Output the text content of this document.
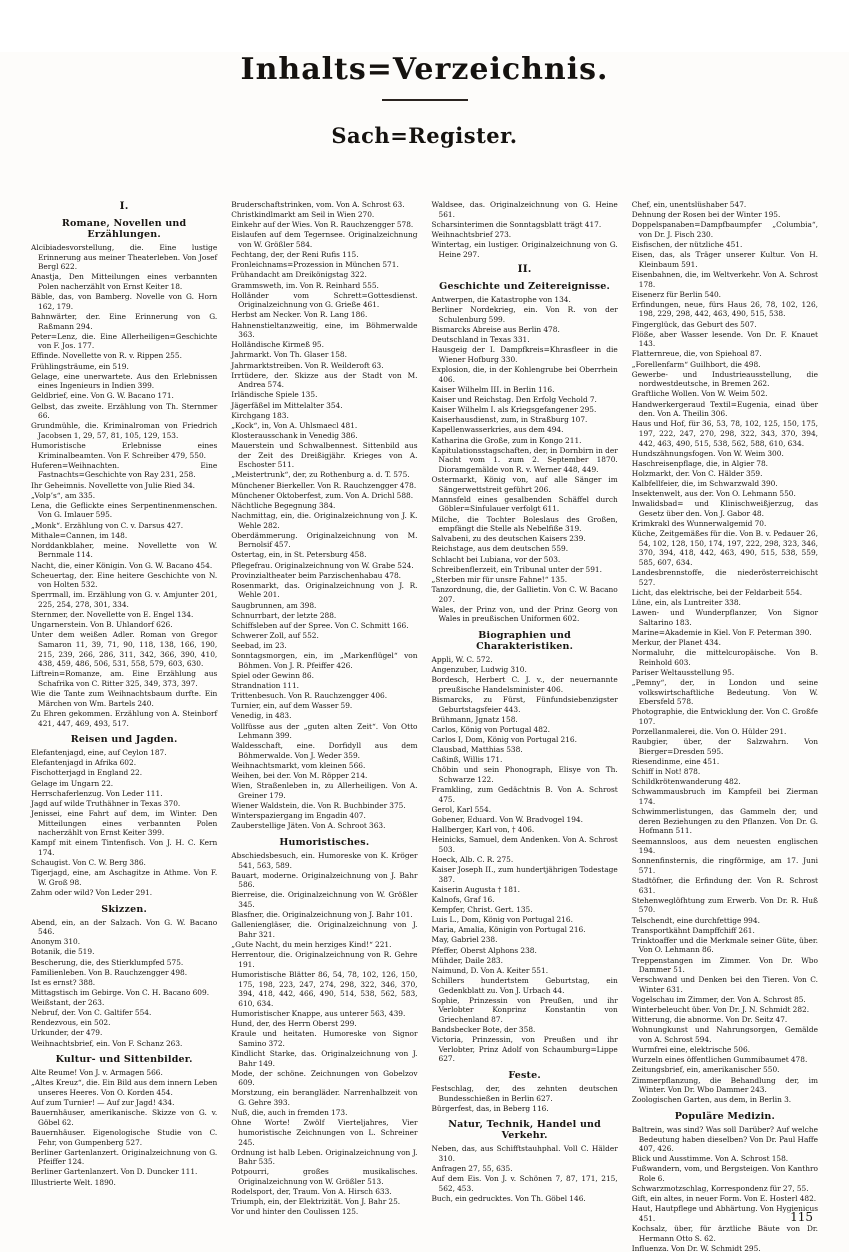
Inhalts=Verzeichnis.
Sach=Register.
I.
Romane, Novellen und Erzählungen.
Alcibiadesvorstellung, die. Eine lustige Erinnerung aus meiner Theaterleben. Von Josef Bergl 622.
Anastja, Den Mitteilungen eines verbannten Polen nacherzählt von Ernst Keiter 18.
Bäble, das, von Bamberg. Novelle von G. Horn 162, 179.
Bahnwärter, der. Eine Erinnerung von G. Raßmann 294.
Peter=Lenz, die. Eine Allerheiligen=Geschichte von F. Jos. 177.
Effinde. Novellette von R. v. Rippen 255.
Frühlingsträume, ein 519.
Gelage, eine unerwartete. Aus den Erlebnissen eines Ingenieurs in Indien 399.
Geldbrief, eine. Von G. W. Bacano 171.
Gelbst, das zweite. Erzählung von Th. Sternmer 66.
Grundmühle, die. Kriminalroman von Friedrich Jacobsen 1, 29, 57, 81, 105, 129, 153.
Humoristische Erlebnisse eines Kriminalbeamten. Von F. Schreiber 479, 550.
Huferen=Weihnachten. Eine Fastnachts=Geschichte von Ray 231, 258.
Ihr Geheimnis. Novellette von Julie Ried 34.
„Volp’s“, am 335.
Lena, die Geflickte eines Serpentinenmenschen. Von G. Imlauer 595.
„Monk“. Erzählung von C. v. Darsus 427.
Mithale=Cannen, im 148.
Norddankblaher, meine. Novellette von W. Bernmale 114.
Nacht, die, einer Königin. Von G. W. Bacano 454.
Scheuertag, der. Eine heitere Geschichte von N. von Holten 532.
Sperrmall, im. Erzählung von G. v. Amjunter 201, 225, 254, 278, 301, 334.
Sternmer, der. Novellette von E. Engel 134.
Ungarnerstein. Von B. Uhlandorf 626.
Unter dem weißen Adler. Roman von Gregor Samaron 11, 39, 71, 90, 118, 138, 166, 190, 215, 239, 266, 286, 311, 342, 366, 390, 410, 438, 459, 486, 506, 531, 558, 579, 603, 630.
Liftrein=Romanze, am. Eine Erzählung aus Schafrika von C. Ritter 325, 349, 373, 397.
Wie die Tante zum Weihnachtsbaum durfte. Ein Märchen von Wm. Bartels 240.
Zu Ehren gekommen. Erzählung von A. Steinborf 421, 447, 469, 493, 517.
Reisen und Jagden.
Elefantenjagd, eine, auf Ceylon 187.
Elefantenjagd in Afrika 602.
Fischotterjagd in England 22.
Gelage im Ungarn 22.
Herrschaferlenzug. Von Leder 111.
Jagd auf wilde Truthähner in Texas 370.
Jenissei, eine Fahrt auf dem, im Winter. Den Mitteilungen eines verbannten Polen nacherzählt von Ernst Keiter 399.
Kampf mit einem Tintenfisch. Von J. H. C. Kern 174.
Schaugist. Von C. W. Berg 386.
Tigerjagd, eine, am Aschagitze in Athme. Von F. W. Groß 98.
Zahm oder wild? Von Leder 291.
Skizzen.
Abend, ein, an der Salzach. Von G. W. Bacano 546.
Anonym 310.
Botanik, die 519.
Bescherung, die, des Stierklumpfed 575.
Familienleben. Von B. Rauchzengger 498.
Ist es ernst? 388.
Mittagstisch im Gebirge. Von C. H. Bacano 609.
Weißstant, der 263.
Nebruf, der. Von C. Galtifer 554.
Rendezvous, ein 502.
Urkunder, der 479.
Weihnachtsbrief, ein. Von F. Schanz 263.
Kultur- und Sittenbilder.
Alte Reume! Von J. v. Armagen 566.
„Altes Kreuz“, die. Ein Bild aus dem innern Leben unseres Heeres. Von O. Korden 454.
Auf zum Turnier! — Auf zur Jagd! 434.
Bauernhäuser, amerikanische. Skizze von G. v. Göbel 62.
Bauernhäuser. Eigenologische Studie von C. Fehr, von Gumpenberg 527.
Berliner Gartenlanzert. Originalzeichnung von G. Pfeiffer 124.
Berliner Gartenlanzert. Von D. Duncker 111.
Illustrierte Welt. 1890.
Bruderschaftstrinken, vom. Von A. Schrost 63.
Christkindlmarkt am Seil in Wien 270.
Einkehr auf der Wies. Von R. Rauchzengger 578.
Eislaufen auf dem Tegernsee. Originalzeichnung von W. Größler 584.
Fechtang, der, der Reni Rufis 115.
Fronleichnams=Prozession in München 571.
Frühandacht am Dreikönigstag 322.
Grammsweth, im. Von R. Reinhard 555.
Holländer vom Schrett=Gottesdienst. Originalzeichnung von G. Grieße 461.
Herbst am Necker. Von R. Lang 186.
Hahnenstieltanzweitig, eine, im Böhmerwalde 363.
Holländische Kirmeß 95.
Jahrmarkt. Von Th. Glaser 158.
Jahrmarktstreiben. Von R. Weilderoft 63.
Irrtüdere, der. Skizze aus der Stadt von M. Andrea 574.
Irländische Spiele 135.
Jägerfäßel im Mittelalter 354.
Kirchgang 183.
„Kock“, in, Von A. Uhlsmaecl 481.
Klosterausschank in Venedig 386.
Mauerstein und Schwalbennest. Sittenbild aus der Zeit des Dreißigjähr. Krieges von A. Eschoster 511.
„Meistertrunk“, der, zu Rothenburg a. d. T. 575.
Münchener Bierkeller. Von R. Rauchzengger 478.
Münchener Oktoberfest, zum. Von A. Drichl 588.
Nächtliche Begegnung 384.
Nachmittag, ein, die. Originalzeichnung von J. K. Wehle 282.
Oberdämmerung. Originalzeichnung von M. Bernolsif 457.
Ostertag, ein, in St. Petersburg 458.
Pflegefrau. Originalzeichnung von W. Grabe 524.
Provinzialtheater beim Parzischenhabau 478.
Rosenmarkt, das. Originalzeichnung von J. R. Wehle 201.
Saugbrunnen, am 398.
Schnurrbart, der letzte 288.
Schiffsleben auf der Spree. Von C. Schmitt 166.
Schwerer Zoll, auf 552.
Seebad, im 23.
Sonntagsmorgen, ein, im „Markenflügel“ von Böhmen. Von J. R. Pfeiffer 426.
Spiel oder Gewinn 86.
Strandnation 111.
Trittenbesuch. Von R. Rauchzengger 406.
Turnier, ein, auf dem Wasser 59.
Venedig, in 483.
Vollfüsse aus der „guten alten Zeit“. Von Otto Lehmann 399.
Waldesschaft, eine. Dorfidyll aus dem Böhmerwalde. Von J. Weder 359.
Weihnachtsmarkt, vom kleinen 566.
Weihen, bei der. Von M. Röpper 214.
Wien, Straßenleben in, zu Allerheiligen. Von A. Greiner 179.
Wiener Waldstein, die. Von R. Buchbinder 375.
Winterspaziergang im Engadin 407.
Zauberstellige Jäten. Von A. Schroot 363.
Humoristisches.
Abschiedsbesuch, ein. Humoreske von K. Kröger 541, 563, 589.
Bauart, moderne. Originalzeichnung von J. Bahr 586.
Bierreise, die. Originalzeichnung von W. Größler 345.
Blasfner, die. Originalzeichnung von J. Bahr 101.
Galleniengläser, die. Originalzeichnung von J. Bahr 321.
„Gute Nacht, du mein herziges Kind!“ 221.
Herrentour, die. Originalzeichnung von R. Gehre 191.
Humoristische Blätter 86, 54, 78, 102, 126, 150, 175, 198, 223, 247, 274, 298, 322, 346, 370, 394, 418, 442, 466, 490, 514, 538, 562, 583, 610, 634.
Humoristischer Knappe, aus unterer 563, 439.
Hund, der, des Herrn Oberst 299.
Kraule und heitaten. Humoreske von Signor Samino 372.
Kindlicht Starke, das. Originalzeichnung von J. Bahr 149.
Mode, der schöne. Zeichnungen von Gobelzov 609.
Morstzung, ein berangläder. Narrenhalbzeit von G. Gehre 393.
Nuß, die, auch in fremden 173.
Ohne Worte! Zwölf Vierteljahres, Vier humoristische Zeichnungen von L. Schreiner 245.
Ordnung ist halb Leben. Originalzeichnung von J. Bahr 535.
Potpourri, großes musikalisches. Originalzeichnung von W. Größler 513.
Rodelsport, der, Traum. Von A. Hirsch 633.
Triumph, ein, der Elektrizität. Von J. Bahr 25.
Vor und hinter den Coulissen 125.
Waldsee, das. Originalzeichnung von G. Heine 561.
Scharsinterimen die Sonntagsblatt trägt 417.
Weihnachtsbrief 273.
Wintertag, ein lustiger. Originalzeichnung von G. Heine 297.
II.
Geschichte und Zeitereignisse.
Antwerpen, die Katastrophe von 134.
Berliner Nordekrieg, ein. Von R. von der Schulenburg 599.
Bismarcks Abreise aus Berlin 478.
Deutschland in Texas 331.
Hausgeig der I. Dampfkreis=Khrasfleer in die Wiener Hofburg 330.
Explosion, die, in der Kohlengrube bei Oberrhein 406.
Kaiser Wilhelm III. in Berlin 116.
Kaiser und Reichstag. Den Erfolg Vechold 7.
Kaiser Wilhelm I. als Kriegsgefangener 295.
Kaiserhausdienst, zum, in Straßburg 107.
Kapellenwasserkries, aus dem 494.
Katharina die Große, zum in Kongo 211.
Kapitulationsstagschaften, der, in Dornbirn in der Nacht vom 1. zum 2. September 1870. Dioramgemälde von R. v. Werner 448, 449.
Ostermarkt, König von, auf alle Sänger im Sängerwettstreit geführt 206.
Mannsfeld eines gesalbenden Schäffel durch Göbler=Sinfulauer verfolgt 611.
Milche, die Tochter Boleslaus des Großen, empfängt die Stelle als Nebelfiße 319.
Salvabeni, zu des deutschen Kaisers 239.
Reichstage, aus dem deutschen 559.
Schlacht bei Lubiana, vor der 503.
Schreibenflerzeit, ein Tribunal unter der 591.
„Sterben mir für unsre Fahne!“ 135.
Tanzordnung, die, der Gallietin. Von C. W. Bacano 207.
Wales, der Prinz von, und der Prinz Georg von Wales in preußischen Uniformen 602.
Biographien und Charakteristiken.
Appli, W. C. 572.
Angenzuber, Ludwig 310.
Bordesch, Herbert C. J. v., der neuernannte preußische Handelsminister 406.
Bismarcks, zu Fürst, Fünfundsiebenzigster Geburtstagsfeier 443.
Brühmann, Jgnatz 158.
Carlos, König von Portugal 482.
Carlos I, Dom, König von Portugal 216.
Clausbad, Matthias 538.
Caßinß, Willis 171.
Chöbin und sein Phonograph, Elisye von Th. Schwarze 122.
Framkling, zum Gedächtnis B. Von A. Schrost 475.
Gerol, Karl 554.
Gobener, Eduard. Von W. Bradvogel 194.
Hallberger, Karl von, † 406.
Heinicks, Samuel, dem Andenken. Von A. Schrost 503.
Hoeck, Alb. C. R. 275.
Kaiser Joseph II., zum hundertjährigen Todestage 387.
Kaiserin Augusta † 181.
Kalnofs, Graf 16.
Kempfer, Christ. Gert. 135.
Luis L., Dom, König von Portugal 216.
Maria, Amalia, Königin von Portugal 216.
May, Gabriel 238.
Pfeffer, Oberst Alphons 238.
Mühder, Daile 283.
Naimund, D. Von A. Keiter 551.
Schillers hundertstem Geburtstag, ein Gedenkblatt zu. Von J. Urbach 44.
Sophie, Prinzessin von Preußen, und ihr Verlobter Konprinz Konstantin von Griechenland 87.
Bandsbecker Bote, der 358.
Victoria, Prinzessin, von Preußen und ihr Verlobter, Prinz Adolf von Schaumburg=Lippe 627.
Feste.
Festschlag, der, des zehnten deutschen Bundesschießen in Berlin 627.
Bürgerfest, das, in Beberg 116.
Natur, Technik, Handel und Verkehr.
Neben, das, aus Schifftstauhphal. Voll C. Hälder 310.
Anfragen 27, 55, 635.
Auf dem Eis. Von J. v. Schönen 7, 87, 171, 215, 562, 453.
Buch, ein gedrucktes. Von Th. Göbel 146.
Chef, ein, unentslüshaber 547.
Dehnung der Rosen bei der Winter 195.
Doppelspanaben=Dampfbaumpfer „Columbia“, von Dr. J. Fisch 230.
Eisfischen, der nützliche 451.
Eisen, das, als Träger unserer Kultur. Von H. Kleinbaum 591.
Eisenbahnen, die, im Weltverkehr. Von A. Schrost 178.
Eisenerz für Berlin 540.
Erfindungen, neue, fürs Haus 26, 78, 102, 126, 198, 229, 298, 442, 463, 490, 515, 538.
Fingerglück, das Geburt des 507.
Flöße, aber Wasser lesende. Von Dr. F. Knauet 143.
Flatternreue, die, von Spiehoal 87.
„Forellenfarm“ Guilhbort, die 498.
Gewerbe- und Industrieausstellung, die nordwestdeutsche, in Bremen 262.
Graftliche Wollen. Von W. Weim 502.
Handwerkergeraud Textil=Eugenia, einad über den. Von A. Theilin 306.
Haus und Hof, für 36, 53, 78, 102, 125, 150, 175, 197, 222, 247, 270, 298, 322, 343, 370, 394, 442, 463, 490, 515, 538, 562, 588, 610, 634.
Hundszähnungsfogen. Von W. Weim 300.
Haschreisenpflage, die, in Algier 78.
Holzmarkt, der. Von C. Hälder 359.
Kalbfellfeier, die, im Schwarzwald 390.
Insektenwelt, aus der. Von O. Lehmann 550.
Inwalidsbad= und Klinischweißjerzug, das Gesetz über den. Von J. Gabor 48.
Krimkrakl des Wunnerwalgemid 70.
Küche, Zeitgemäßes für die. Von B. v. Pedauer 26, 54, 102, 128, 150, 174, 197, 222, 298, 323, 346, 370, 394, 418, 442, 463, 490, 515, 538, 559, 585, 607, 634.
Landesbrennstoffe, die niederösterreichischt 527.
Licht, das elektrische, bei der Feldarbeit 554.
Lüne, ein, als Luntreiter 338.
Lawen- und Wunderpflanzer, Von Signor Saltarino 183.
Marine=Akademie in Kiel. Von F. Peterman 390.
Merkur, der Planet 434.
Normaluhr, die mittelcuropäische. Von B. Reinhold 603.
Pariser Weltausstellung 95.
„Pemny“, der, in London und seine volkswirtschaftliche Bedeutung. Von W. Ebersfeld 578.
Photographie, die Entwicklung der. Von C. Großfe 107.
Porzellanmalerei, die. Von O. Hülder 291.
Raubgier, über, der Salzwahrn. Von Bierger=Dresden 595.
Riesendinme, eine 451.
Schiff in Not! 878.
Schildkrötenwanderung 482.
Schwammausbruch im Kampfeil bei Zierman 174.
Schwimmerlistungen, das Gammeln der, und deren Beziehungen zu den Pflanzen. Von Dr. G. Hofmann 511.
Seemannsloos, aus dem neuesten englischen 194.
Sonnenfinsternis, die ringförmige, am 17. Juni 571.
Stadtöfner, die Erfindung der. Von R. Schrost 631.
Stehenweglöfhtung zum Erwerb. Von Dr. R. Huß 570.
Telschendt, eine durchfettige 994.
Transportkähnt Dampffchiff 261.
Trinktoaffer und die Merkmale seiner Güte, über. Von O. Lehmann 86.
Treppenstangen im Zimmer. Von Dr. Wbo Dammer 51.
Verschwand und Denken bei den Tieren. Von C. Winter 631.
Vogelschau im Zimmer, der. Von A. Schrost 85.
Winterbeleucht über. Von Dr. J. N. Schmidt 282.
Witterung, die abnorme. Von Dr. Seitz 47.
Wohnungkunst und Nahrungsorgen, Gemälde von A. Schrost 594.
Wurmfrei eine, elektrische 506.
Wurzeln eines öffentlichen Gummibaumet 478.
Zeitungsbrief, ein, amerikanischer 550.
Zimmerpflanzung, die Behandlung der, im Winter. Von Dr. Wbo Dammer 243.
Zoologischen Garten, aus dem, in Berlin 3.
Populäre Medizin.
Baltrein, was sind? Was soll Darüber? Auf welche Bedeutung haben dieselben? Von Dr. Paul Haffe 407, 426.
Blick und Ausstimme. Von A. Schrost 158.
Fußwandern, vom, und Bergsteigen. Von Kanthro Role 6.
Schwarzmotzschlag, Korrespondenz für 27, 55.
Gift, ein altes, in neuer Form. Von E. Hosterl 482.
Haut, Hautpflege und Abhärtung. Von Hygienicus 451.
Kochsalz, über, für ärztliche Bäute von Dr. Hermann Otto S. 62.
Influenza. Von Dr. W. Schmidt 295.
115
